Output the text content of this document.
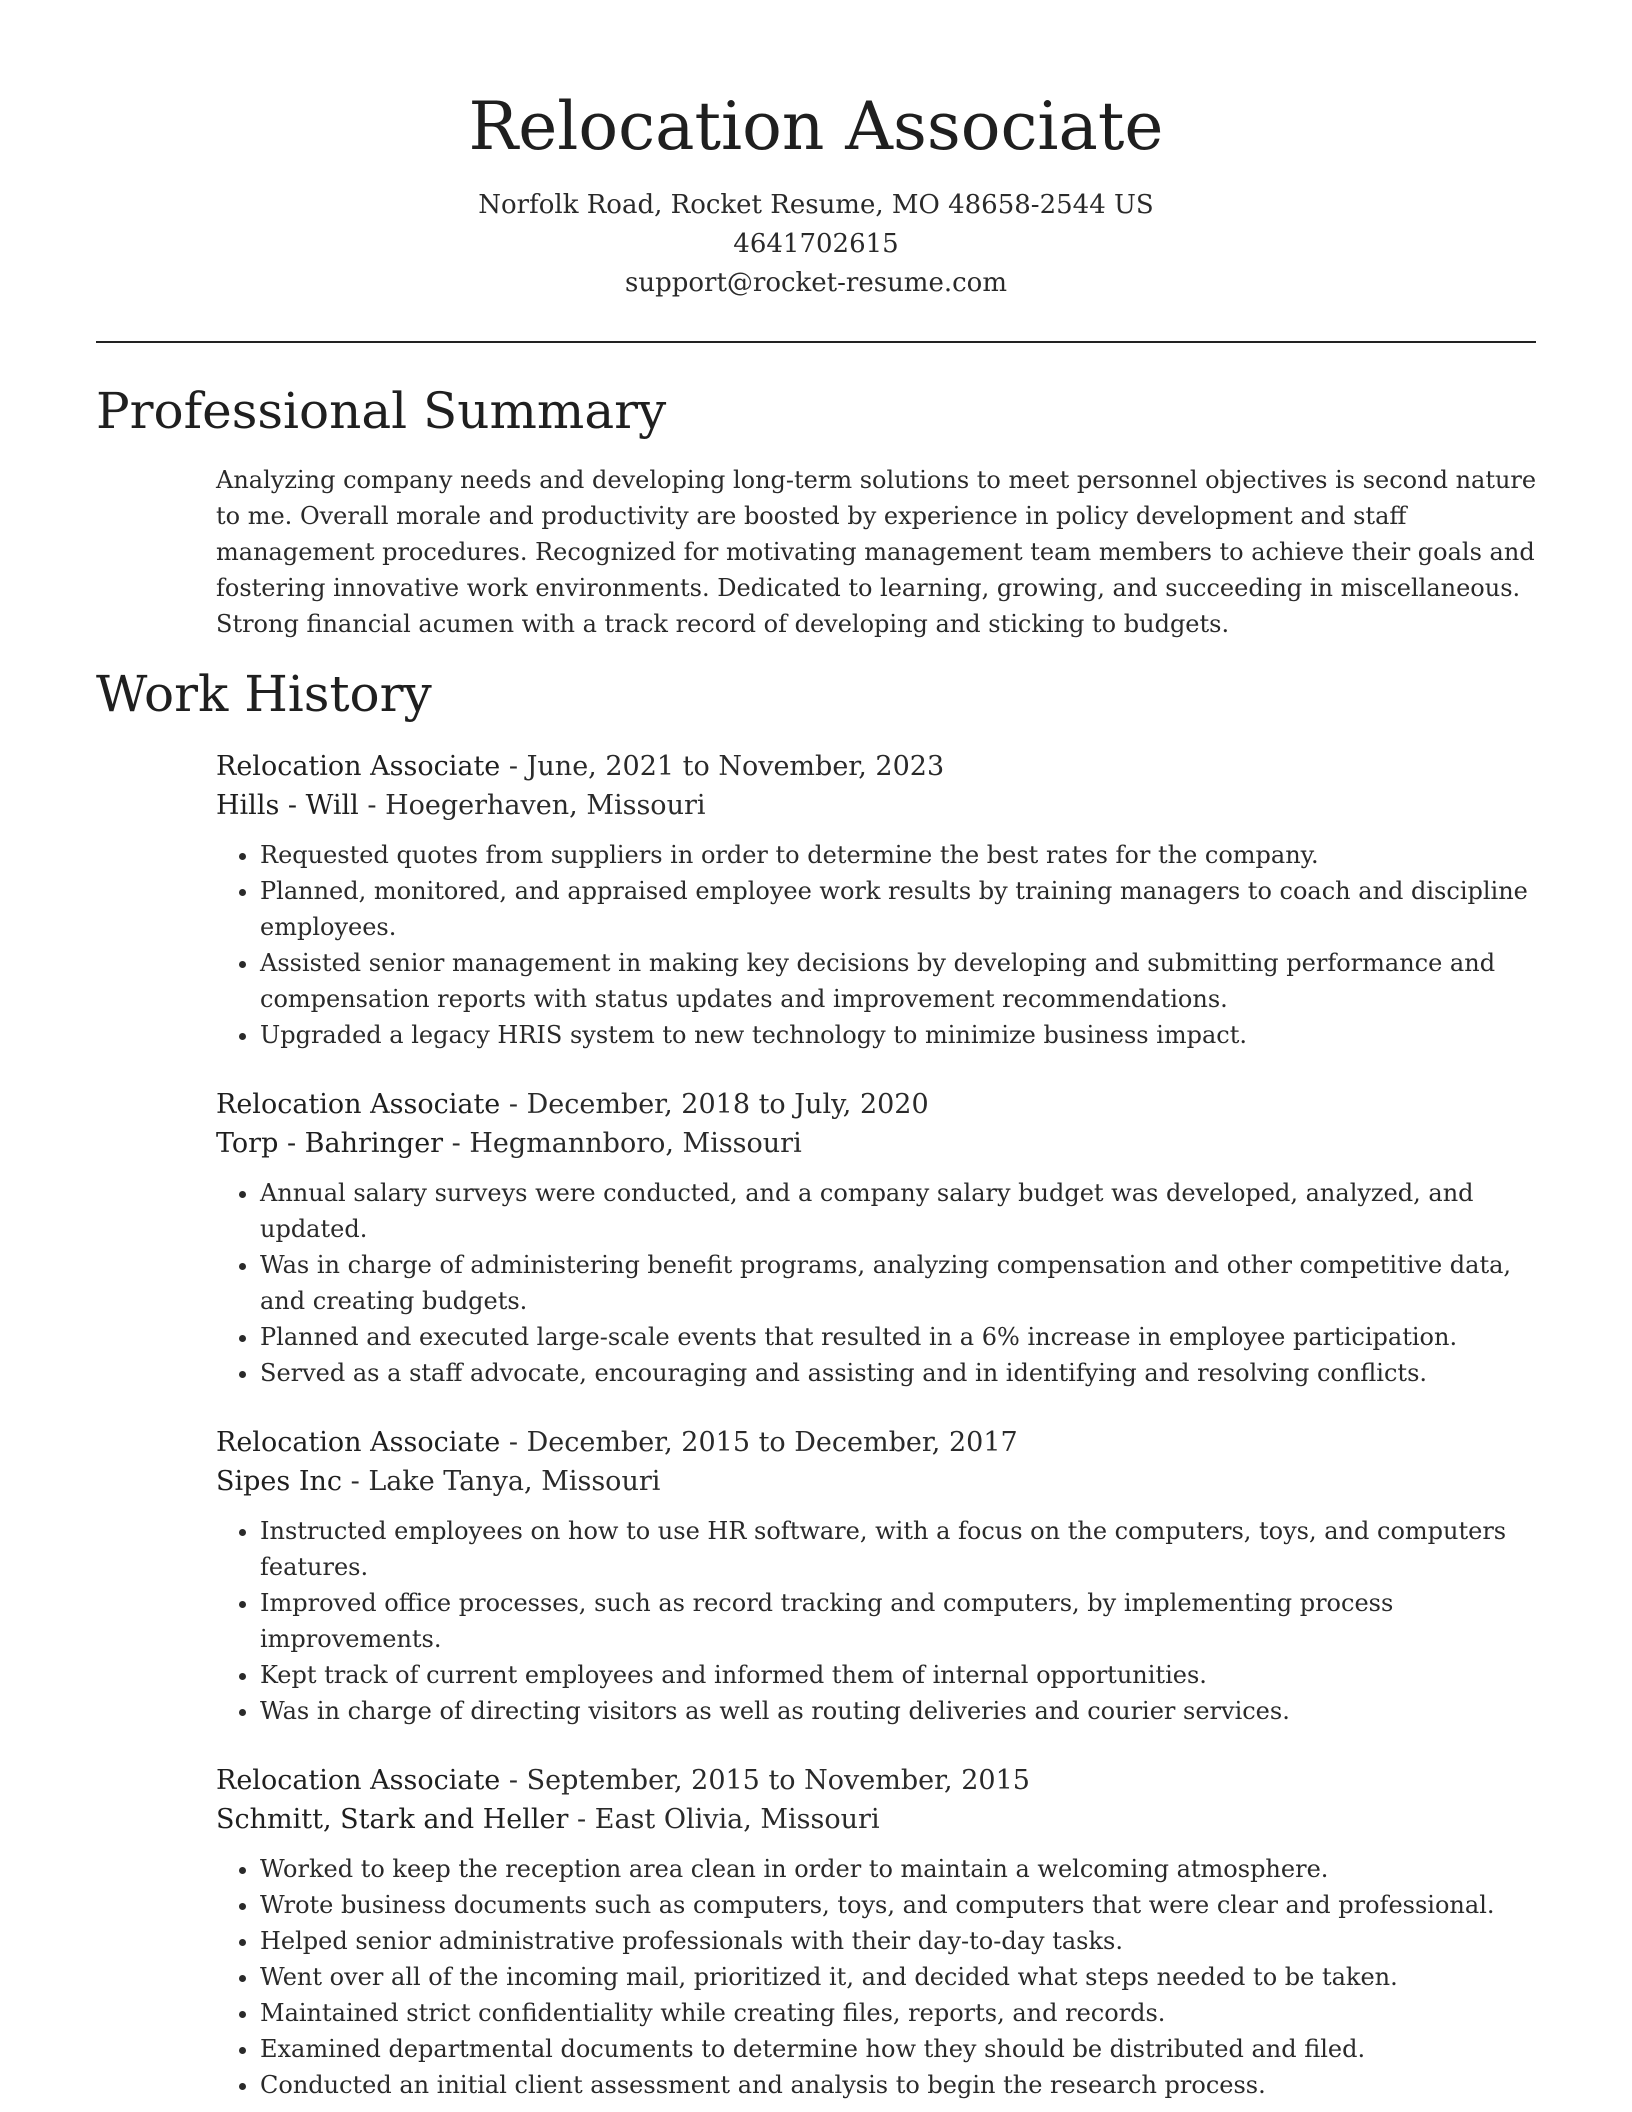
Relocation Associate
Norfolk Road, Rocket Resume, MO 48658-2544 US
4641702615
support@rocket-resume.com
Professional Summary

Analyzing company needs and developing long-term solutions to meet personnel objectives is second nature to me. Overall morale and productivity are boosted by experience in policy development and staff management procedures. Recognized for motivating management team members to achieve their goals and fostering innovative work environments. Dedicated to learning, growing, and succeeding in miscellaneous. Strong financial acumen with a track record of developing and sticking to budgets.

Work History
Relocation Associate - June, 2021 to November, 2023
Hills - Will - Hoegerhaven, Missouri
• Requested quotes from suppliers in order to determine the best rates for the company.
• Planned, monitored, and appraised employee work results by training managers to coach and discipline employees.
• Assisted senior management in making key decisions by developing and submitting performance and compensation reports with status updates and improvement recommendations.
• Upgraded a legacy HRIS system to new technology to minimize business impact.
Relocation Associate - December, 2018 to July, 2020
Torp - Bahringer - Hegmannboro, Missouri
• Annual salary surveys were conducted, and a company salary budget was developed, analyzed, and updated.
• Was in charge of administering benefit programs, analyzing compensation and other competitive data, and creating budgets.
• Planned and executed large-scale events that resulted in a 6% increase in employee participation.
• Served as a staff advocate, encouraging and assisting and in identifying and resolving conflicts.
Relocation Associate - December, 2015 to December, 2017
Sipes Inc - Lake Tanya, Missouri
• Instructed employees on how to use HR software, with a focus on the computers, toys, and computers features.
• Improved office processes, such as record tracking and computers, by implementing process improvements.
• Kept track of current employees and informed them of internal opportunities.
• Was in charge of directing visitors as well as routing deliveries and courier services.
Relocation Associate - September, 2015 to November, 2015
Schmitt, Stark and Heller - East Olivia, Missouri
• Worked to keep the reception area clean in order to maintain a welcoming atmosphere.
• Wrote business documents such as computers, toys, and computers that were clear and professional.
• Helped senior administrative professionals with their day-to-day tasks.
• Went over all of the incoming mail, prioritized it, and decided what steps needed to be taken.
• Maintained strict confidentiality while creating files, reports, and records.
• Examined departmental documents to determine how they should be distributed and filed.
• Conducted an initial client assessment and analysis to begin the research process.
